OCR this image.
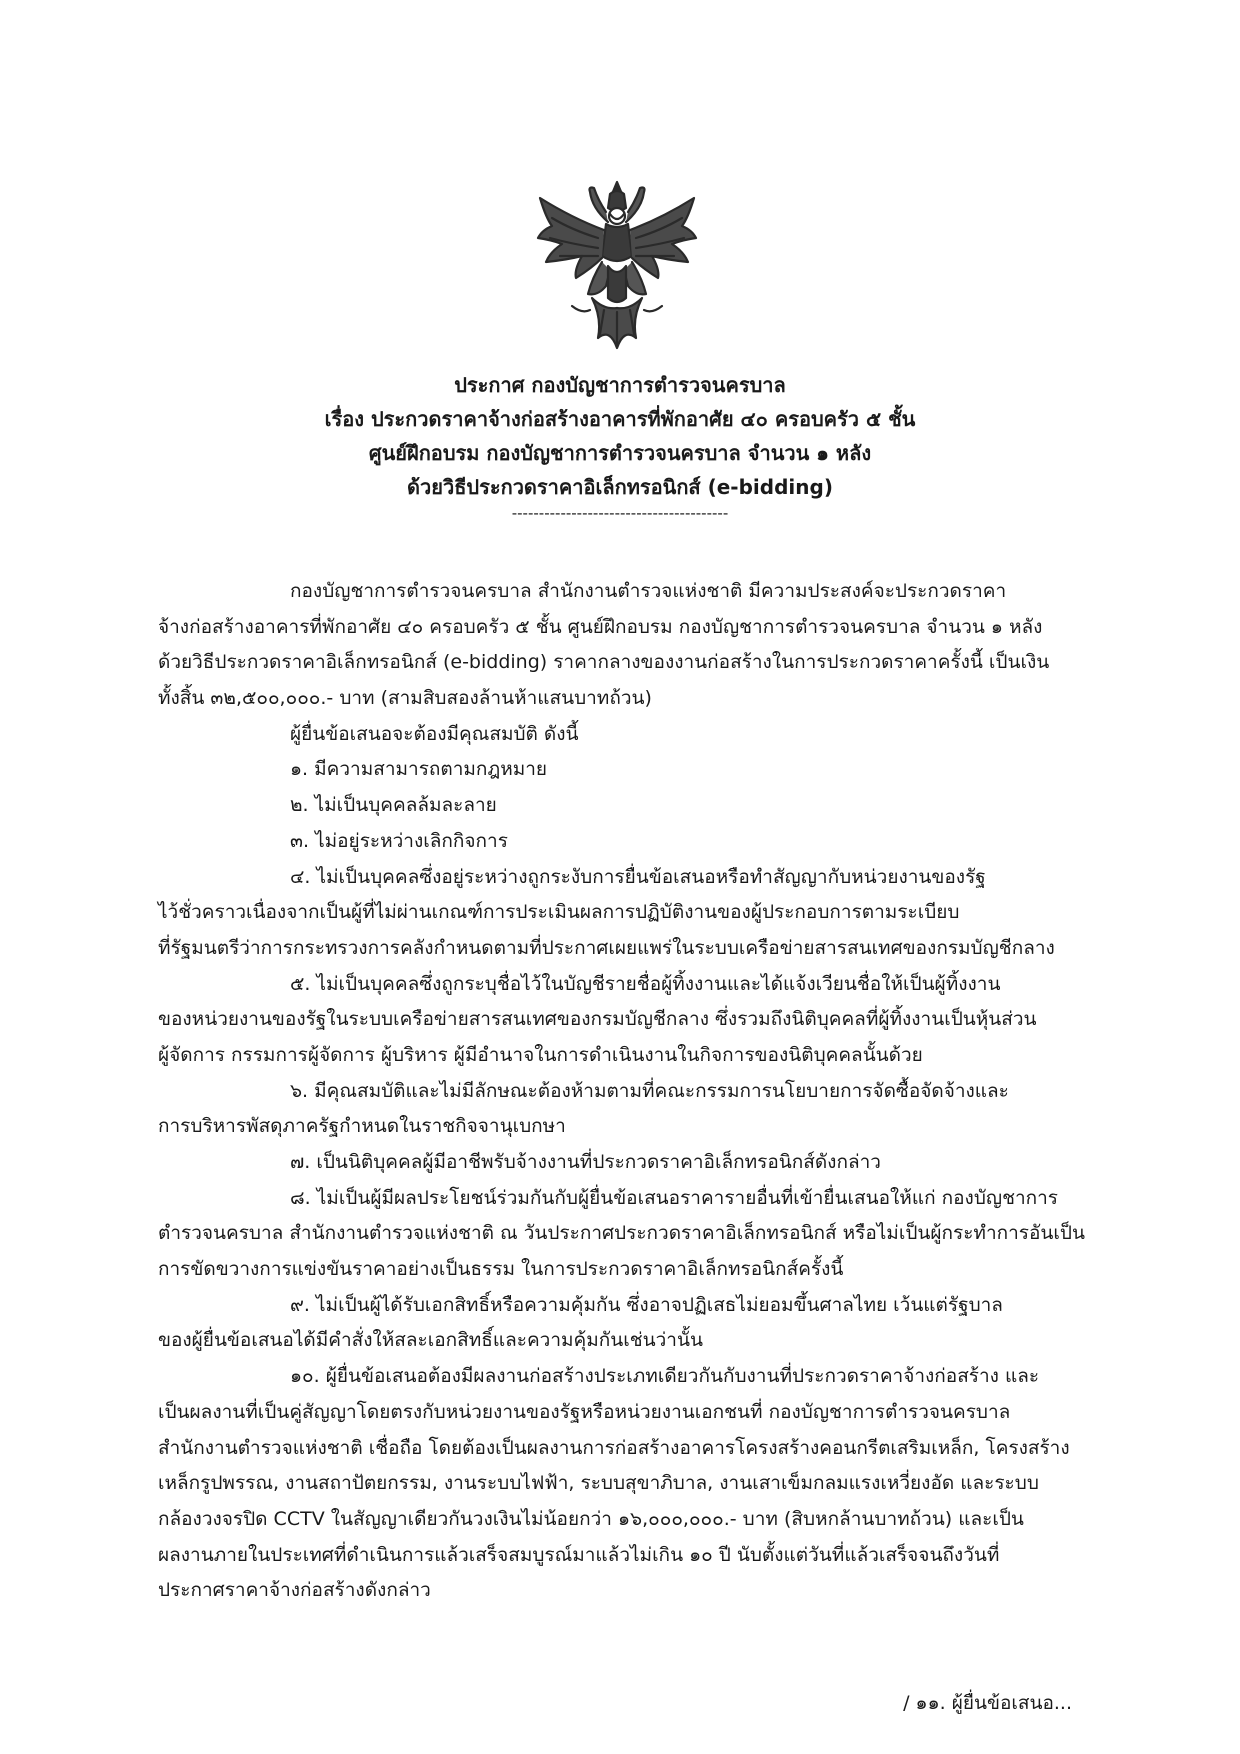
ประกาศ กองบัญชาการตำรวจนครบาล
เรื่อง ประกวดราคาจ้างก่อสร้างอาคารที่พักอาศัย ๔๐ ครอบครัว ๕ ชั้น
ศูนย์ฝึกอบรม กองบัญชาการตำรวจนครบาล จำนวน ๑ หลัง
ด้วยวิธีประกวดราคาอิเล็กทรอนิกส์ (e-bidding)
----------------------------------------
กองบัญชาการตำรวจนครบาล สำนักงานตำรวจแห่งชาติ มีความประสงค์จะประกวดราคา
จ้างก่อสร้างอาคารที่พักอาศัย ๔๐ ครอบครัว ๕ ชั้น ศูนย์ฝึกอบรม กองบัญชาการตำรวจนครบาล จำนวน ๑ หลัง
ด้วยวิธีประกวดราคาอิเล็กทรอนิกส์ (e-bidding) ราคากลางของงานก่อสร้างในการประกวดราคาครั้งนี้ เป็นเงิน
ทั้งสิ้น ๓๒,๕๐๐,๐๐๐.- บาท (สามสิบสองล้านห้าแสนบาทถ้วน)
ผู้ยื่นข้อเสนอจะต้องมีคุณสมบัติ ดังนี้
๑. มีความสามารถตามกฎหมาย
๒. ไม่เป็นบุคคลล้มละลาย
๓. ไม่อยู่ระหว่างเลิกกิจการ
๔. ไม่เป็นบุคคลซึ่งอยู่ระหว่างถูกระงับการยื่นข้อเสนอหรือทำสัญญากับหน่วยงานของรัฐ
ไว้ชั่วคราวเนื่องจากเป็นผู้ที่ไม่ผ่านเกณฑ์การประเมินผลการปฏิบัติงานของผู้ประกอบการตามระเบียบ
ที่รัฐมนตรีว่าการกระทรวงการคลังกำหนดตามที่ประกาศเผยแพร่ในระบบเครือข่ายสารสนเทศของกรมบัญชีกลาง
๕. ไม่เป็นบุคคลซึ่งถูกระบุชื่อไว้ในบัญชีรายชื่อผู้ทิ้งงานและได้แจ้งเวียนชื่อให้เป็นผู้ทิ้งงาน
ของหน่วยงานของรัฐในระบบเครือข่ายสารสนเทศของกรมบัญชีกลาง ซึ่งรวมถึงนิติบุคคลที่ผู้ทิ้งงานเป็นหุ้นส่วน
ผู้จัดการ กรรมการผู้จัดการ ผู้บริหาร ผู้มีอำนาจในการดำเนินงานในกิจการของนิติบุคคลนั้นด้วย
๖. มีคุณสมบัติและไม่มีลักษณะต้องห้ามตามที่คณะกรรมการนโยบายการจัดซื้อจัดจ้างและ
การบริหารพัสดุภาครัฐกำหนดในราชกิจจานุเบกษา
๗. เป็นนิติบุคคลผู้มีอาชีพรับจ้างงานที่ประกวดราคาอิเล็กทรอนิกส์ดังกล่าว
๘. ไม่เป็นผู้มีผลประโยชน์ร่วมกันกับผู้ยื่นข้อเสนอราคารายอื่นที่เข้ายื่นเสนอให้แก่ กองบัญชาการ
ตำรวจนครบาล สำนักงานตำรวจแห่งชาติ ณ วันประกาศประกวดราคาอิเล็กทรอนิกส์ หรือไม่เป็นผู้กระทำการอันเป็น
การขัดขวางการแข่งขันราคาอย่างเป็นธรรม ในการประกวดราคาอิเล็กทรอนิกส์ครั้งนี้
๙. ไม่เป็นผู้ได้รับเอกสิทธิ์หรือความคุ้มกัน ซึ่งอาจปฏิเสธไม่ยอมขึ้นศาลไทย เว้นแต่รัฐบาล
ของผู้ยื่นข้อเสนอได้มีคำสั่งให้สละเอกสิทธิ์และความคุ้มกันเช่นว่านั้น
๑๐. ผู้ยื่นข้อเสนอต้องมีผลงานก่อสร้างประเภทเดียวกันกับงานที่ประกวดราคาจ้างก่อสร้าง และ
เป็นผลงานที่เป็นคู่สัญญาโดยตรงกับหน่วยงานของรัฐหรือหน่วยงานเอกชนที่ กองบัญชาการตำรวจนครบาล
สำนักงานตำรวจแห่งชาติ เชื่อถือ โดยต้องเป็นผลงานการก่อสร้างอาคารโครงสร้างคอนกรีตเสริมเหล็ก, โครงสร้าง
เหล็กรูปพรรณ, งานสถาปัตยกรรม, งานระบบไฟฟ้า, ระบบสุขาภิบาล, งานเสาเข็มกลมแรงเหวี่ยงอัด และระบบ
กล้องวงจรปิด CCTV ในสัญญาเดียวกันวงเงินไม่น้อยกว่า ๑๖,๐๐๐,๐๐๐.- บาท (สิบหกล้านบาทถ้วน) และเป็น
ผลงานภายในประเทศที่ดำเนินการแล้วเสร็จสมบูรณ์มาแล้วไม่เกิน ๑๐ ปี นับตั้งแต่วันที่แล้วเสร็จจนถึงวันที่
ประกาศราคาจ้างก่อสร้างดังกล่าว
/ ๑๑. ผู้ยื่นข้อเสนอ...
